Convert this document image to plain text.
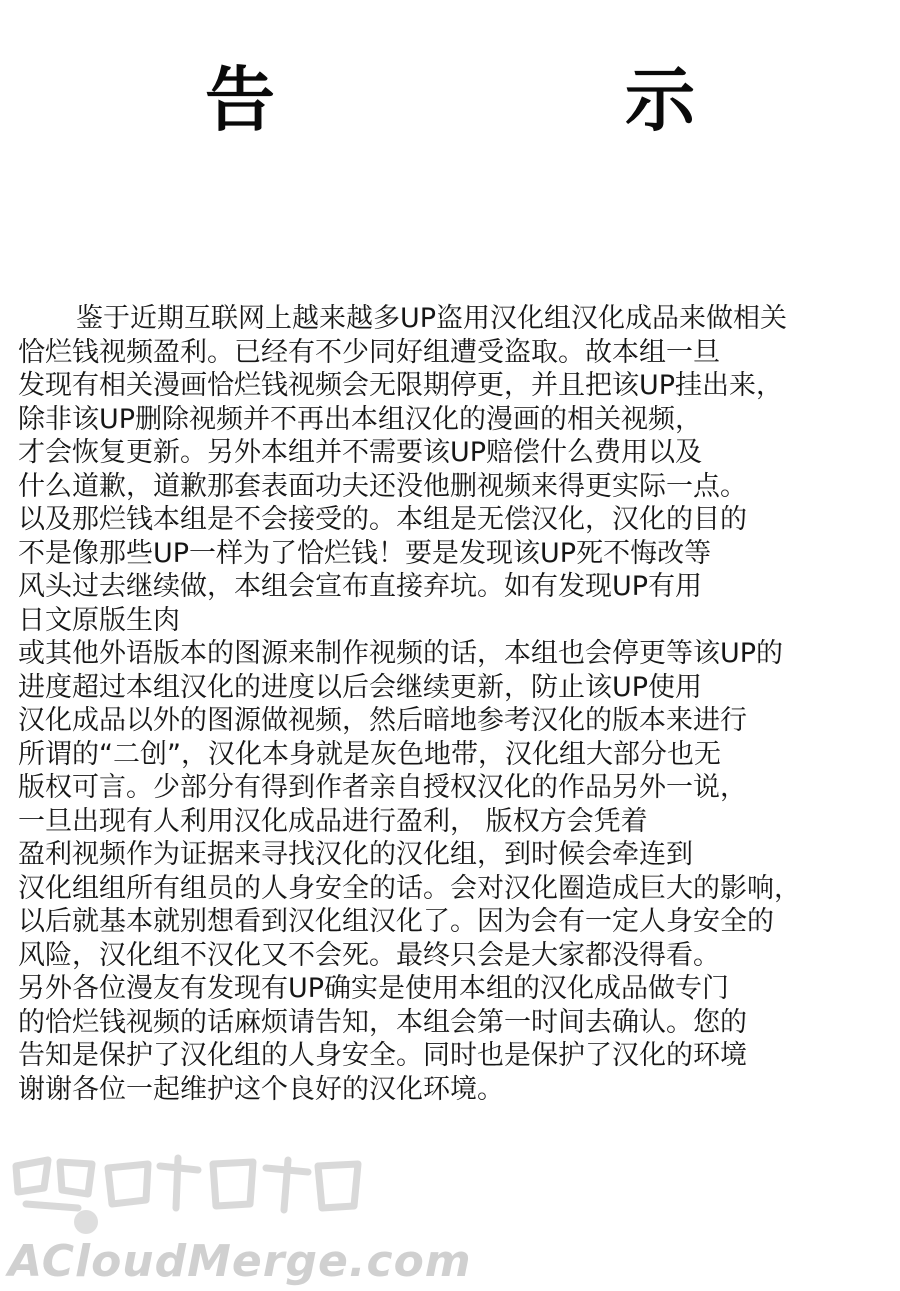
告　示
鉴于近期互联网上越来越多UP盗用汉化组汉化成品来做相关
恰烂钱视频盈利。已经有不少同好组遭受盗取。故本组一旦
发现有相关漫画恰烂钱视频会无限期停更，并且把该UP挂出来，
除非该UP删除视频并不再出本组汉化的漫画的相关视频，
才会恢复更新。另外本组并不需要该UP赔偿什么费用以及
什么道歉，道歉那套表面功夫还没他删视频来得更实际一点。
以及那烂钱本组是不会接受的。本组是无偿汉化，汉化的目的
不是像那些UP一样为了恰烂钱！要是发现该UP死不悔改等
风头过去继续做，本组会宣布直接弃坑。如有发现UP有用
日文原版生肉
或其他外语版本的图源来制作视频的话，本组也会停更等该UP的
进度超过本组汉化的进度以后会继续更新，防止该UP使用
汉化成品以外的图源做视频，然后暗地参考汉化的版本来进行
所谓的“二创”，汉化本身就是灰色地带，汉化组大部分也无
版权可言。少部分有得到作者亲自授权汉化的作品另外一说，
一旦出现有人利用汉化成品进行盈利， 版权方会凭着
盈利视频作为证据来寻找汉化的汉化组，到时候会牵连到
汉化组组所有组员的人身安全的话。会对汉化圈造成巨大的影响，
以后就基本就别想看到汉化组汉化了。因为会有一定人身安全的
风险，汉化组不汉化又不会死。最终只会是大家都没得看。
另外各位漫友有发现有UP确实是使用本组的汉化成品做专门
的恰烂钱视频的话麻烦请告知，本组会第一时间去确认。您的
告知是保护了汉化组的人身安全。同时也是保护了汉化的环境
谢谢各位一起维护这个良好的汉化环境。
ACloudMerge.com
